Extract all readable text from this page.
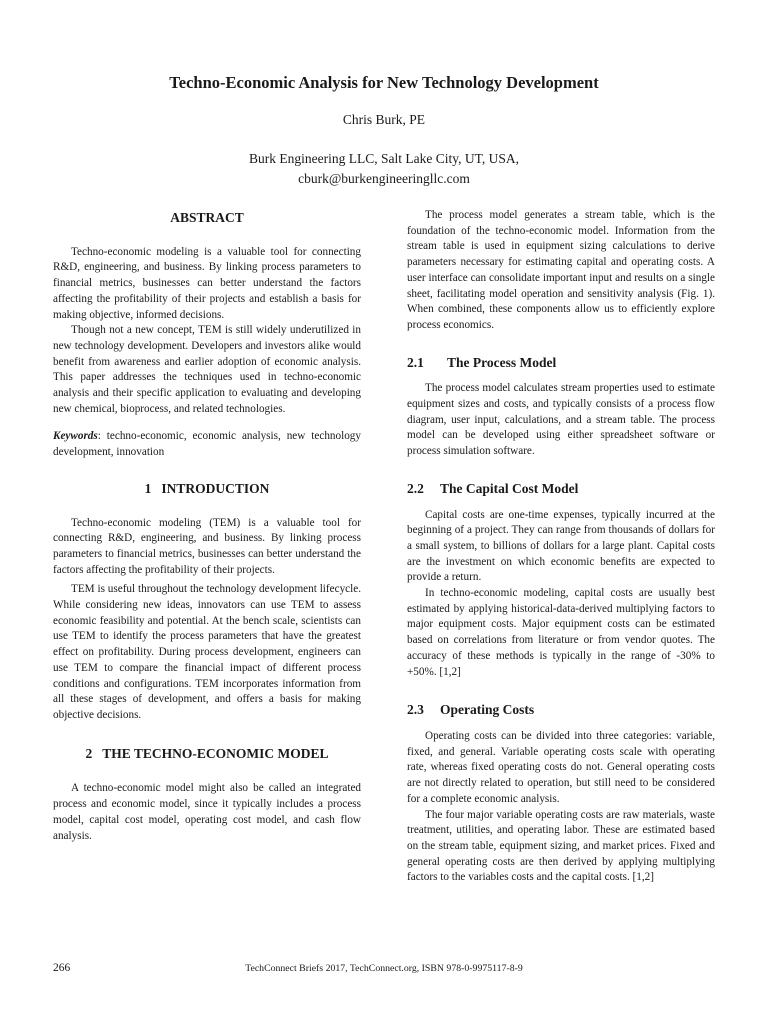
Techno-Economic Analysis for New Technology Development
Chris Burk, PE
Burk Engineering LLC, Salt Lake City, UT, USA,
cburk@burkengineeringllc.com
ABSTRACT

Techno-economic modeling is a valuable tool for connecting R&D, engineering, and business. By linking process parameters to financial metrics, businesses can better understand the factors affecting the profitability of their projects and establish a basis for making objective, informed decisions.

Though not a new concept, TEM is still widely underutilized in new technology development. Developers and investors alike would benefit from awareness and earlier adoption of economic analysis. This paper addresses the techniques used in techno-economic analysis and their specific application to evaluating and developing new chemical, bioprocess, and related technologies.

Keywords: techno-economic, economic analysis, new technology development, innovation

1 INTRODUCTION

Techno-economic modeling (TEM) is a valuable tool for connecting R&D, engineering, and business. By linking process parameters to financial metrics, businesses can better understand the factors affecting the profitability of their projects.

TEM is useful throughout the technology development lifecycle. While considering new ideas, innovators can use TEM to assess economic feasibility and potential. At the bench scale, scientists can use TEM to identify the process parameters that have the greatest effect on profitability. During process development, engineers can use TEM to compare the financial impact of different process conditions and configurations. TEM incorporates information from all these stages of development, and offers a basis for making objective decisions.

2 THE TECHNO-ECONOMIC MODEL

A techno-economic model might also be called an integrated process and economic model, since it typically includes a process model, capital cost model, operating cost model, and cash flow analysis.

The process model generates a stream table, which is the foundation of the techno-economic model. Information from the stream table is used in equipment sizing calculations to derive parameters necessary for estimating capital and operating costs. A user interface can consolidate important input and results on a single sheet, facilitating model operation and sensitivity analysis (Fig. 1). When combined, these components allow us to efficiently explore process economics.

2.1 The Process Model

The process model calculates stream properties used to estimate equipment sizes and costs, and typically consists of a process flow diagram, user input, calculations, and a stream table. The process model can be developed using either spreadsheet software or process simulation software.

2.2 The Capital Cost Model

Capital costs are one-time expenses, typically incurred at the beginning of a project. They can range from thousands of dollars for a small system, to billions of dollars for a large plant. Capital costs are the investment on which economic benefits are expected to provide a return.

In techno-economic modeling, capital costs are usually best estimated by applying historical-data-derived multiplying factors to major equipment costs. Major equipment costs can be estimated based on correlations from literature or from vendor quotes. The accuracy of these methods is typically in the range of -30% to +50%. [1,2]

2.3 Operating Costs

Operating costs can be divided into three categories: variable, fixed, and general. Variable operating costs scale with operating rate, whereas fixed operating costs do not. General operating costs are not directly related to operation, but still need to be considered for a complete economic analysis.

The four major variable operating costs are raw materials, waste treatment, utilities, and operating labor. These are estimated based on the stream table, equipment sizing, and market prices. Fixed and general operating costs are then derived by applying multiplying factors to the variables costs and the capital costs. [1,2]

266	TechConnect Briefs 2017, TechConnect.org, ISBN 978-0-9975117-8-9
